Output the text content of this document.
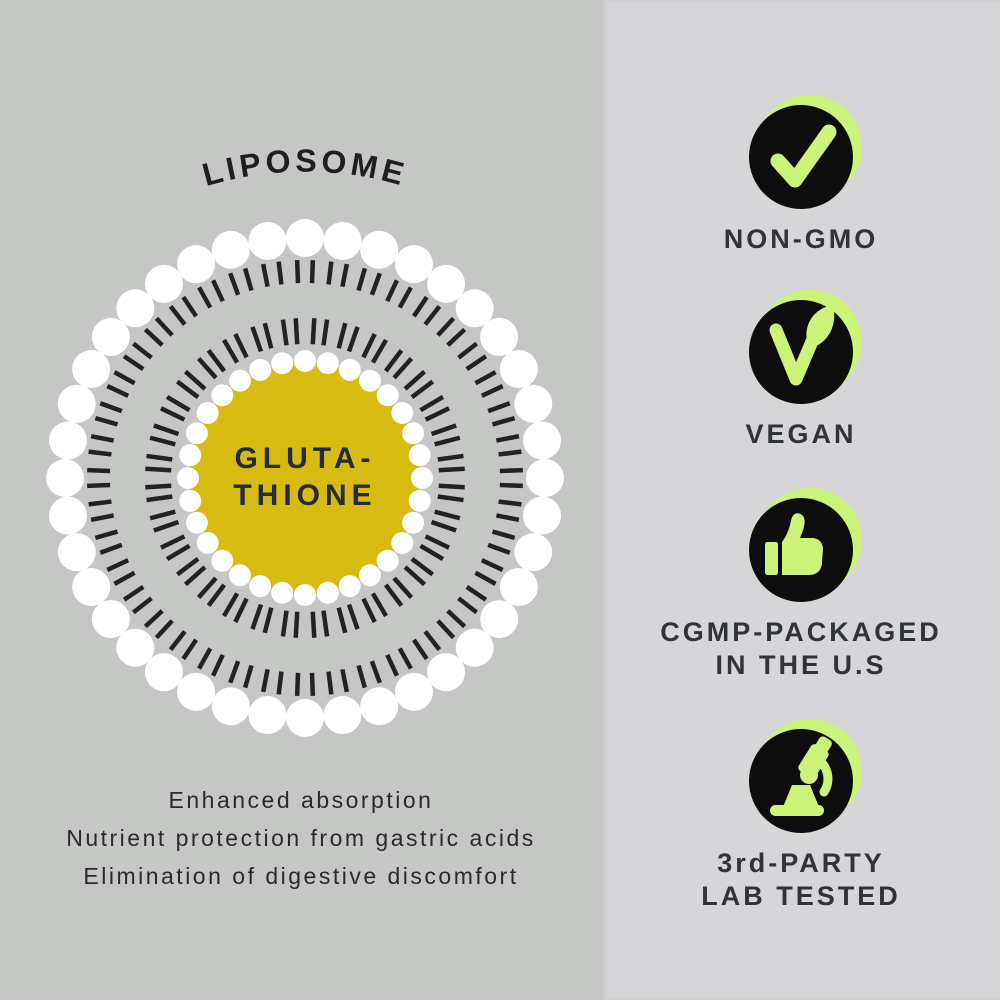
LIPOSOME
GLUTA-
THIONE
Enhanced absorption
Nutrient protection from gastric acids
Elimination of digestive discomfort
NON-GMO
VEGAN
CGMP-PACKAGED
IN THE U.S
3rd-PARTY
LAB TESTED
